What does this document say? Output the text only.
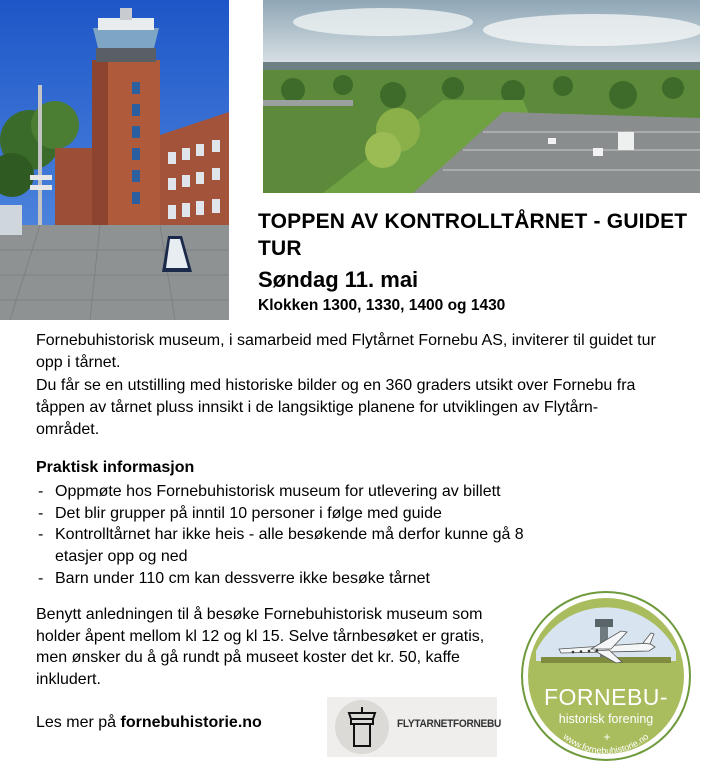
TOPPEN AV KONTROLLTÅRNET - GUIDET TUR
Søndag 11. mai
Klokken 1300, 1330, 1400 og 1430

Fornebuhistorisk museum, i samarbeid med Flytårnet Fornebu AS, inviterer til guidet tur opp i tårnet.

Du får se en utstilling med historiske bilder og en 360 graders utsikt over Fornebu fra tåppen av tårnet pluss innsikt i de langsiktige planene for utviklingen av Flytårn-området.

Praktisk informasjon
- Oppmøte hos Fornebuhistorisk museum for utlevering av billett
- Det blir grupper på inntil 10 personer i følge med guide
- Kontrolltårnet har ikke heis - alle besøkende må derfor kunne gå 8 etasjer opp og ned
- Barn under 110 cm kan dessverre ikke besøke tårnet
Benytt anledningen til å besøke Fornebuhistorisk museum som holder åpent mellom kl 12 og kl 15. Selve tårnbesøket er gratis, men ønsker du å gå rundt på museet koster det kr. 50, kaffe inkludert.
Les mer på fornebuhistorie.no	FLYTARNETFORNEBU
FORNEBU-
historisk forening
+
www.fornebuhistorie.no
